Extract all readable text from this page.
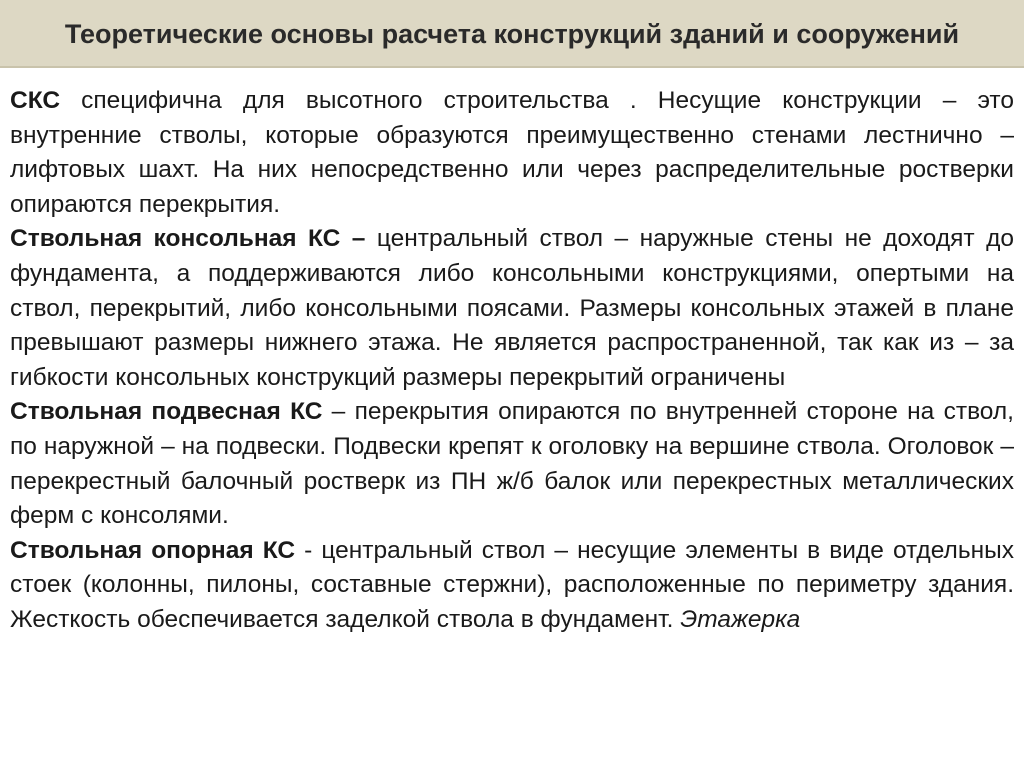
Теоретические основы расчета конструкций зданий и сооружений

СКС специфична для высотного строительства . Несущие конструкции – это внутренние стволы, которые образуются преимущественно стенами лестнично – лифтовых шахт. На них непосредственно или через распределительные ростверки опираются перекрытия.

Ствольная консольная КС – центральный ствол – наружные стены не доходят до фундамента, а поддерживаются либо консольными конструкциями, опертыми на ствол, перекрытий, либо консольными поясами. Размеры консольных этажей в плане превышают размеры нижнего этажа. Не является распространенной, так как из – за гибкости консольных конструкций размеры перекрытий ограничены

Ствольная подвесная КС – перекрытия опираются по внутренней стороне на ствол, по наружной – на подвески. Подвески крепят к оголовку на вершине ствола. Оголовок – перекрестный балочный ростверк из ПН ж/б балок или перекрестных металлических ферм с консолями.

Ствольная опорная КС - центральный ствол – несущие элементы в виде отдельных стоек (колонны, пилоны, составные стержни), расположенные по периметру здания. Жесткость обеспечивается заделкой ствола в фундамент. Этажерка
